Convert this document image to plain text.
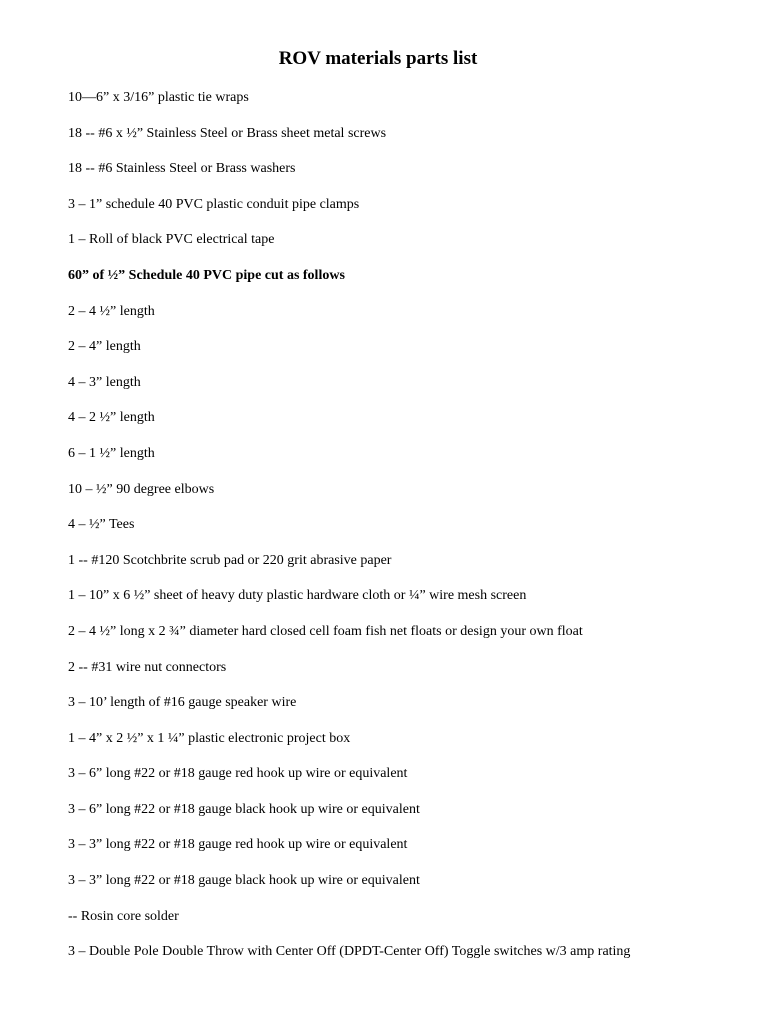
ROV materials parts list
10—6” x 3/16” plastic tie wraps
18 -- #6 x ½” Stainless Steel or Brass sheet metal screws
18 -- #6 Stainless Steel or Brass washers
3 – 1” schedule 40 PVC plastic conduit pipe clamps
1 – Roll of black PVC electrical tape
60” of ½” Schedule 40 PVC pipe cut as follows
2 – 4 ½” length
2 – 4” length
4 – 3” length
4 – 2 ½” length
6 – 1 ½” length
10 – ½” 90 degree elbows
4 – ½” Tees
1 -- #120 Scotchbrite scrub pad or 220 grit abrasive paper
1 – 10” x 6 ½” sheet of heavy duty plastic hardware cloth or ¼” wire mesh screen
2 – 4 ½” long x 2 ¾” diameter hard closed cell foam fish net floats or design your own float
2 -- #31 wire nut connectors
3 – 10’ length of #16 gauge speaker wire
1 – 4” x 2 ½” x 1 ¼” plastic electronic project box
3 – 6” long #22 or #18 gauge red hook up wire or equivalent
3 – 6” long #22 or #18 gauge black hook up wire or equivalent
3 – 3” long #22 or #18 gauge red hook up wire or equivalent
3 – 3” long #22 or #18 gauge black hook up wire or equivalent
-- Rosin core solder
3 – Double Pole Double Throw with Center Off (DPDT-Center Off) Toggle switches w/3 amp rating
